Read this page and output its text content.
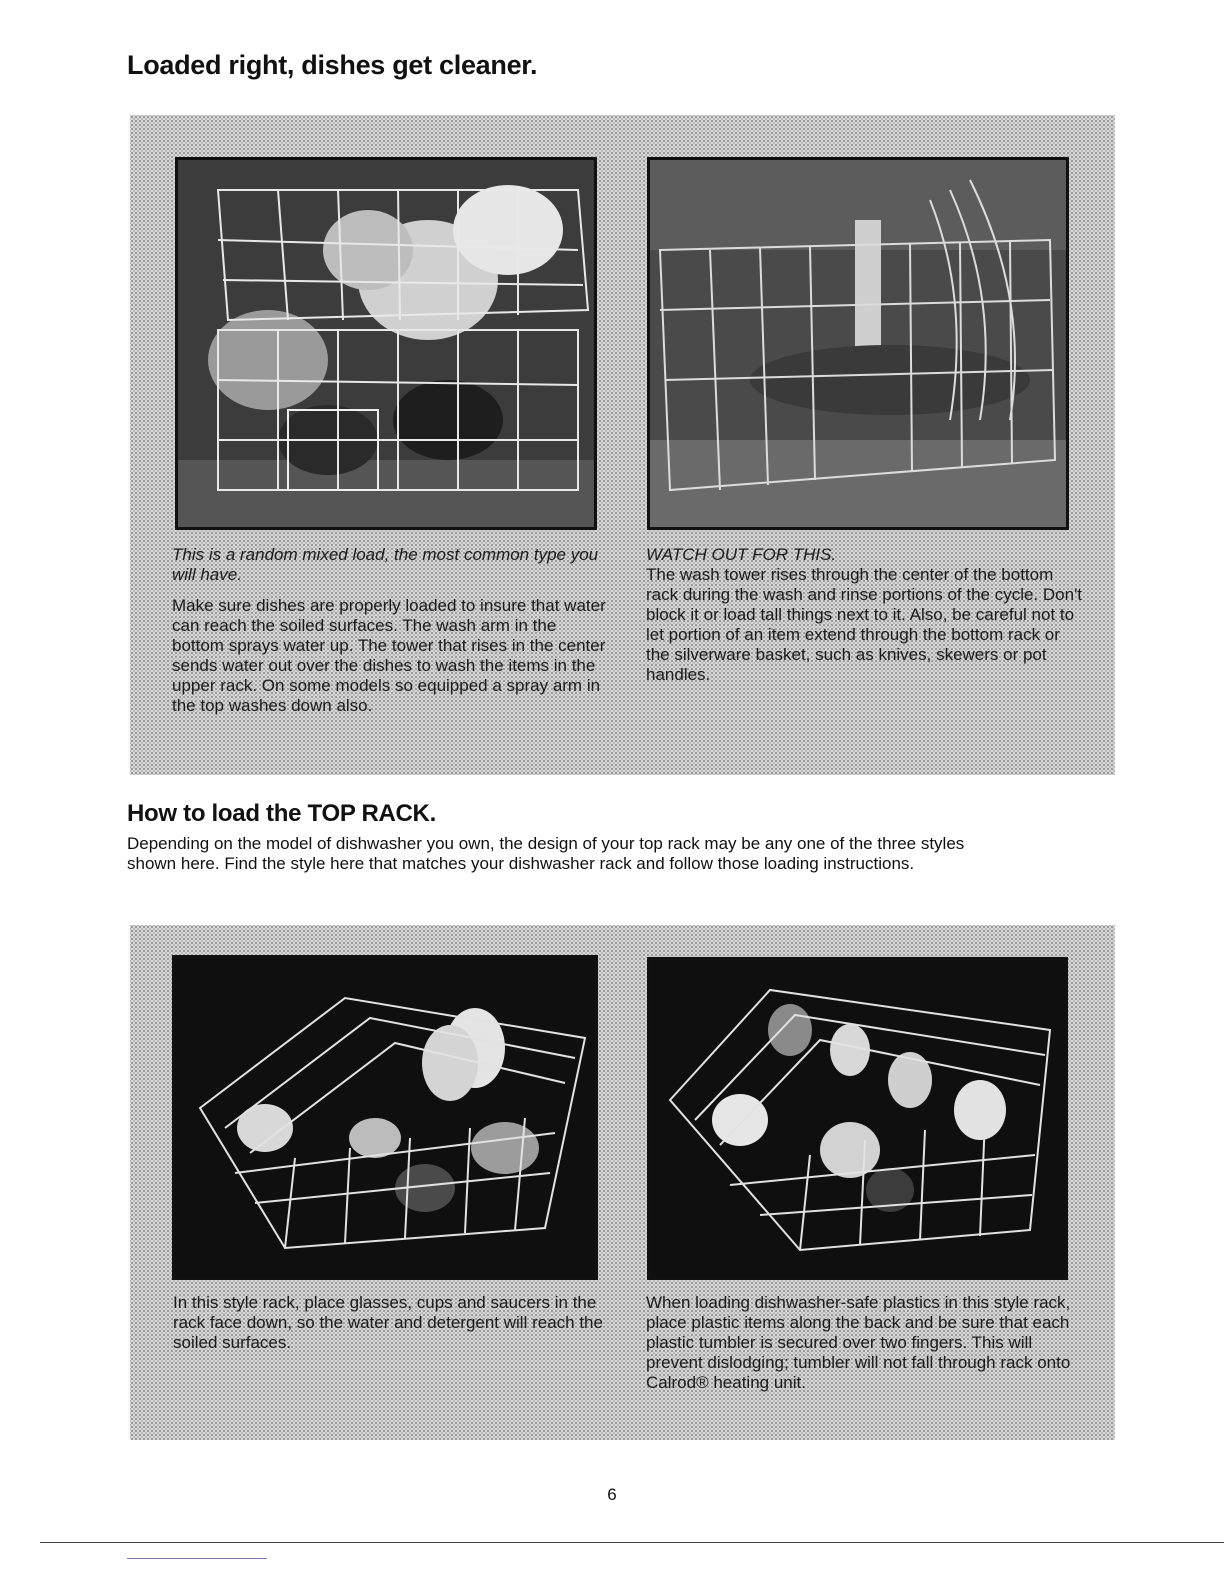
Loaded right, dishes get cleaner.

This is a random mixed load, the most common type you will have.

Make sure dishes are properly loaded to insure that water can reach the soiled surfaces. The wash arm in the bottom sprays water up. The tower that rises in the center sends water out over the dishes to wash the items in the upper rack. On some models so equipped a spray arm in the top washes down also.

WATCH OUT FOR THIS.

The wash tower rises through the center of the bottom rack during the wash and rinse portions of the cycle. Don't block it or load tall things next to it. Also, be careful not to let portion of an item extend through the bottom rack or the silverware basket, such as knives, skewers or pot handles.

How to load the TOP RACK.

Depending on the model of dishwasher you own, the design of your top rack may be any one of the three styles shown here. Find the style here that matches your dishwasher rack and follow those loading instructions.

In this style rack, place glasses, cups and saucers in the rack face down, so the water and detergent will reach the soiled surfaces.

When loading dishwasher-safe plastics in this style rack, place plastic items along the back and be sure that each plastic tumbler is secured over two fingers. This will prevent dislodging; tumbler will not fall through rack onto Calrod® heating unit.

6
